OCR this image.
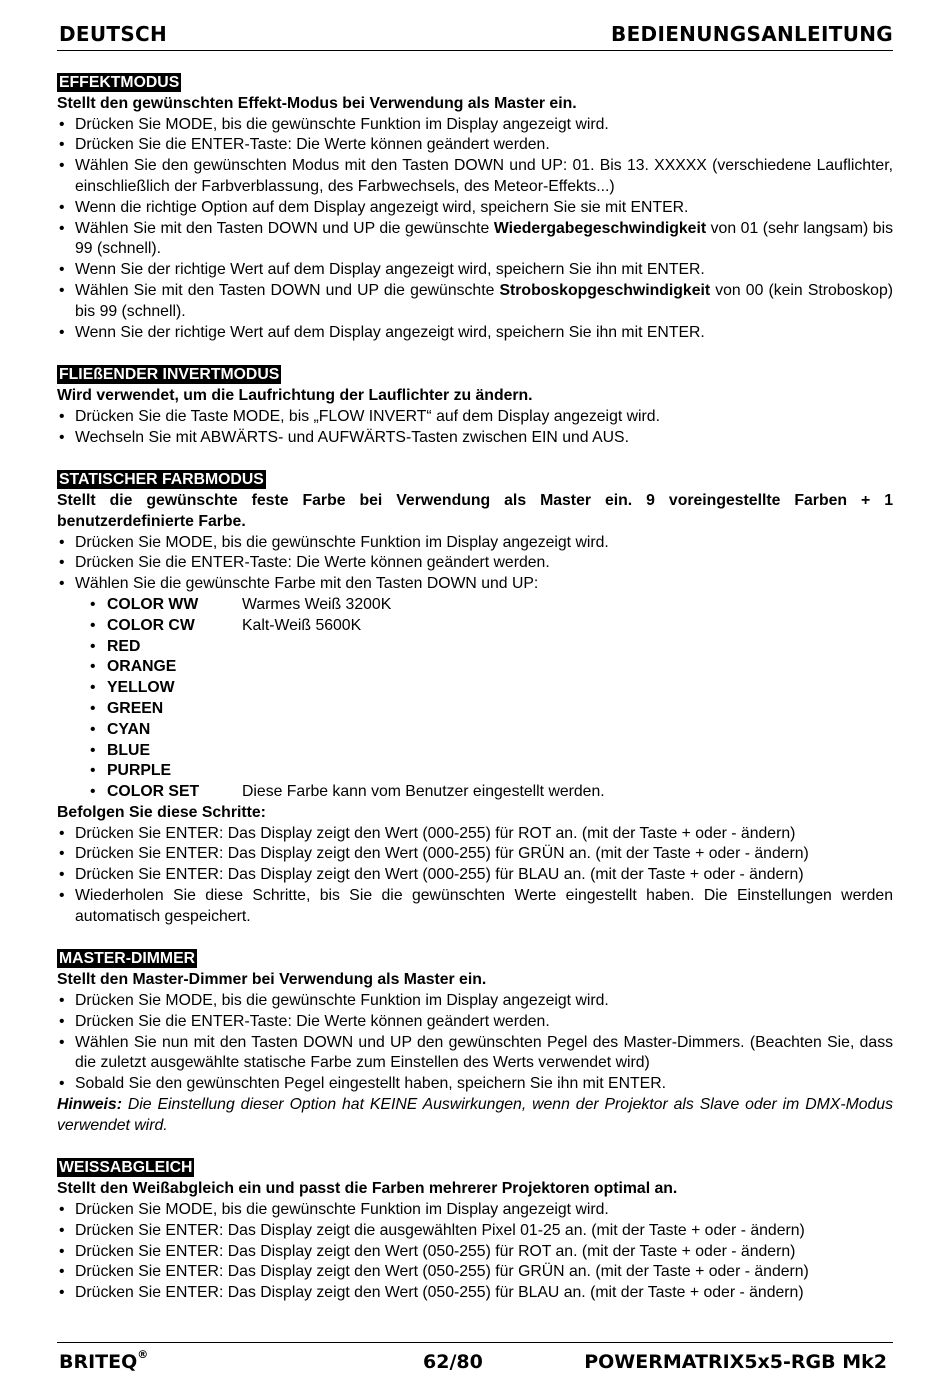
DEUTSCH	BEDIENUNGSANLEITUNG
EFFEKTMODUS
Stellt den gewünschten Effekt-Modus bei Verwendung als Master ein.
• Drücken Sie MODE, bis die gewünschte Funktion im Display angezeigt wird.
• Drücken Sie die ENTER-Taste: Die Werte können geändert werden.
• Wählen Sie den gewünschten Modus mit den Tasten DOWN und UP: 01. Bis 13. XXXXX (verschiedene Lauflichter, einschließlich der Farbverblassung, des Farbwechsels, des Meteor-Effekts...)
• Wenn die richtige Option auf dem Display angezeigt wird, speichern Sie sie mit ENTER.
• Wählen Sie mit den Tasten DOWN und UP die gewünschte Wiedergabegeschwindigkeit von 01 (sehr langsam) bis 99 (schnell).
• Wenn Sie der richtige Wert auf dem Display angezeigt wird, speichern Sie ihn mit ENTER.
• Wählen Sie mit den Tasten DOWN und UP die gewünschte Stroboskopgeschwindigkeit von 00 (kein Stroboskop) bis 99 (schnell).
• Wenn Sie der richtige Wert auf dem Display angezeigt wird, speichern Sie ihn mit ENTER.
FLIEßENDER INVERTMODUS
Wird verwendet, um die Laufrichtung der Lauflichter zu ändern.
• Drücken Sie die Taste MODE, bis „FLOW INVERT“ auf dem Display angezeigt wird.
• Wechseln Sie mit ABWÄRTS- und AUFWÄRTS-Tasten zwischen EIN und AUS.
STATISCHER FARBMODUS
Stellt die gewünschte feste Farbe bei Verwendung als Master ein. 9 voreingestellte Farben + 1 benutzerdefinierte Farbe.
• Drücken Sie MODE, bis die gewünschte Funktion im Display angezeigt wird.
• Drücken Sie die ENTER-Taste: Die Werte können geändert werden.
• Wählen Sie die gewünschte Farbe mit den Tasten DOWN und UP:
• COLOR WW	Warmes Weiß 3200K
• COLOR CW	Kalt-Weiß 5600K
• RED
• ORANGE
• YELLOW
• GREEN
• CYAN
• BLUE
• PURPLE
• COLOR SET	Diese Farbe kann vom Benutzer eingestellt werden.
Befolgen Sie diese Schritte:
• Drücken Sie ENTER: Das Display zeigt den Wert (000-255) für ROT an. (mit der Taste + oder - ändern)
• Drücken Sie ENTER: Das Display zeigt den Wert (000-255) für GRÜN an. (mit der Taste + oder - ändern)
• Drücken Sie ENTER: Das Display zeigt den Wert (000-255) für BLAU an. (mit der Taste + oder - ändern)
• Wiederholen Sie diese Schritte, bis Sie die gewünschten Werte eingestellt haben. Die Einstellungen werden automatisch gespeichert.
MASTER-DIMMER
Stellt den Master-Dimmer bei Verwendung als Master ein.
• Drücken Sie MODE, bis die gewünschte Funktion im Display angezeigt wird.
• Drücken Sie die ENTER-Taste: Die Werte können geändert werden.
• Wählen Sie nun mit den Tasten DOWN und UP den gewünschten Pegel des Master-Dimmers. (Beachten Sie, dass die zuletzt ausgewählte statische Farbe zum Einstellen des Werts verwendet wird)
• Sobald Sie den gewünschten Pegel eingestellt haben, speichern Sie ihn mit ENTER.
Hinweis: Die Einstellung dieser Option hat KEINE Auswirkungen, wenn der Projektor als Slave oder im DMX-Modus verwendet wird.
WEISSABGLEICH
Stellt den Weißabgleich ein und passt die Farben mehrerer Projektoren optimal an.
• Drücken Sie MODE, bis die gewünschte Funktion im Display angezeigt wird.
• Drücken Sie ENTER: Das Display zeigt die ausgewählten Pixel 01-25 an. (mit der Taste + oder - ändern)
• Drücken Sie ENTER: Das Display zeigt den Wert (050-255) für ROT an. (mit der Taste + oder - ändern)
• Drücken Sie ENTER: Das Display zeigt den Wert (050-255) für GRÜN an. (mit der Taste + oder - ändern)
• Drücken Sie ENTER: Das Display zeigt den Wert (050-255) für BLAU an. (mit der Taste + oder - ändern)
BRITEQ®	62/80	POWERMATRIX5x5-RGB Mk2
